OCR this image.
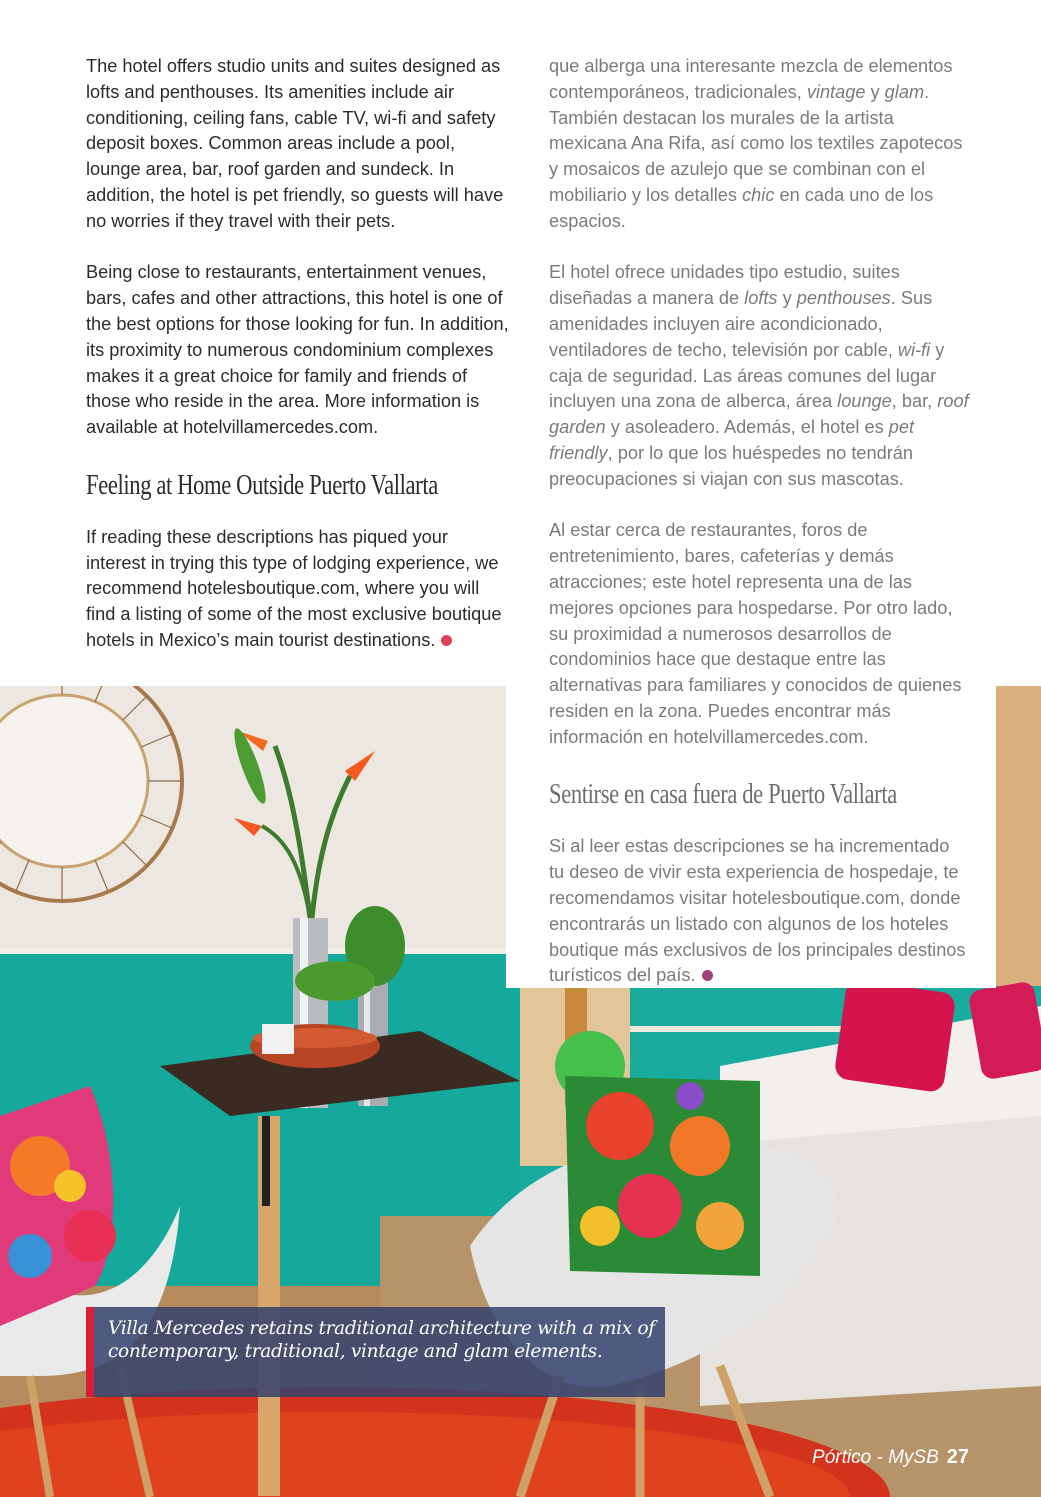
The hotel offers studio units and suites designed as lofts and penthouses. Its amenities include air conditioning, ceiling fans, cable TV, wi-fi and safety deposit boxes. Common areas include a pool, lounge area, bar, roof garden and sundeck. In addition, the hotel is pet friendly, so guests will have no worries if they travel with their pets.

Being close to restaurants, entertainment venues, bars, cafes and other attractions, this hotel is one of the best options for those looking for fun. In addition, its proximity to numerous condominium complexes makes it a great choice for family and friends of those who reside in the area. More information is available at hotelvillamercedes.com.

Feeling at Home Outside Puerto Vallarta

If reading these descriptions has piqued your interest in trying this type of lodging experience, we recommend hotelesboutique.com, where you will find a listing of some of the most exclusive boutique hotels in Mexico’s main tourist destinations.

que alberga una interesante mezcla de elementos contemporáneos, tradicionales, vintage y glam. También destacan los murales de la artista mexicana Ana Rifa, así como los textiles zapotecos y mosaicos de azulejo que se combinan con el mobiliario y los detalles chic en cada uno de los espacios.

El hotel ofrece unidades tipo estudio, suites diseñadas a manera de lofts y penthouses. Sus amenidades incluyen aire acondicionado, ventiladores de techo, televisión por cable, wi-fi y caja de seguridad. Las áreas comunes del lugar incluyen una zona de alberca, área lounge, bar, roof garden y asoleadero. Además, el hotel es pet friendly, por lo que los huéspedes no tendrán preocupaciones si viajan con sus mascotas.

Al estar cerca de restaurantes, foros de entretenimiento, bares, cafeterías y demás atracciones; este hotel representa una de las mejores opciones para hospedarse. Por otro lado, su proximidad a numerosos desarrollos de condominios hace que destaque entre las alternativas para familiares y conocidos de quienes residen en la zona. Puedes encontrar más información en hotelvillamercedes.com.

Sentirse en casa fuera de Puerto Vallarta

Si al leer estas descripciones se ha incrementado tu deseo de vivir esta experiencia de hospedaje, te recomendamos visitar hotelesboutique.com, donde encontrarás un listado con algunos de los hoteles boutique más exclusivos de los principales destinos turísticos del país.

Villa Mercedes retains traditional architecture with a mix of contemporary, traditional, vintage and glam elements.
Pórtico - MySB 27
